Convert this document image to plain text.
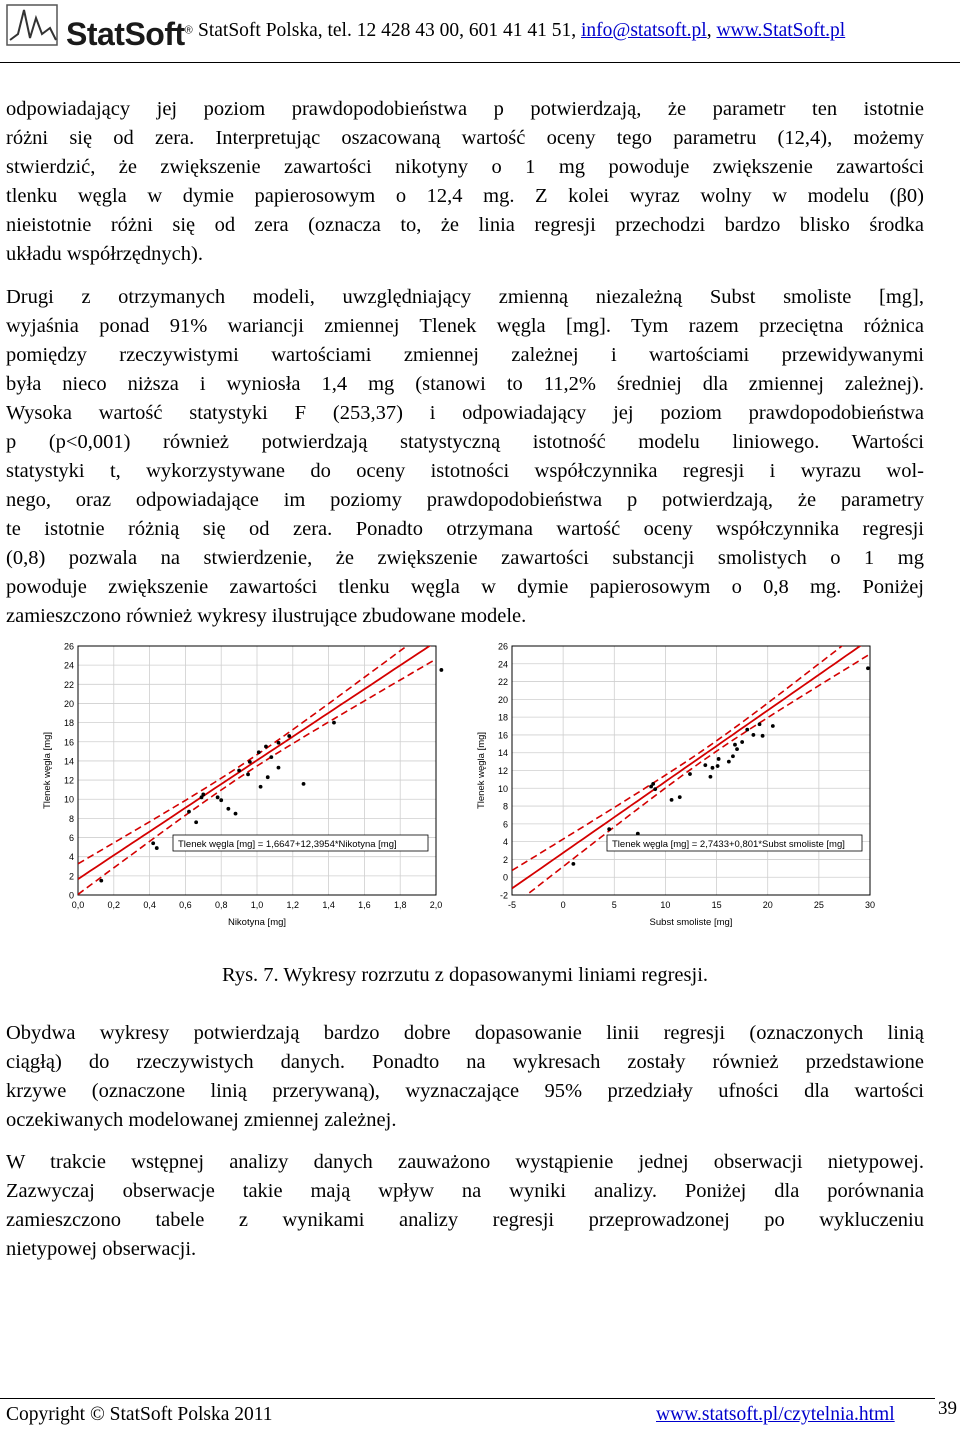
StatSoft® StatSoft Polska, tel. 12 428 43 00, 601 41 41 51, info@statsoft.pl, www.StatSoft.pl
odpowiadający jej poziom prawdopodobieństwa p potwierdzają, że parametr ten istotnie
różni się od zera. Interpretując oszacowaną wartość oceny tego parametru (12,4), możemy
stwierdzić, że zwiększenie zawartości nikotyny o 1 mg powoduje zwiększenie zawartości
tlenku węgla w dymie papierosowym o 12,4 mg. Z kolei wyraz wolny w modelu (β0)
nieistotnie różni się od zera (oznacza to, że linia regresji przechodzi bardzo blisko środka
układu współrzędnych).
Drugi z otrzymanych modeli, uwzględniający zmienną niezależną Subst smoliste [mg],
wyjaśnia ponad 91% wariancji zmiennej Tlenek węgla [mg]. Tym razem przeciętna różnica
pomiędzy rzeczywistymi wartościami zmiennej zależnej i wartościami przewidywanymi
była nieco niższa i wyniosła 1,4 mg (stanowi to 11,2% średniej dla zmiennej zależnej).
Wysoka wartość statystyki F (253,37) i odpowiadający jej poziom prawdopodobieństwa
p (p<0,001) również potwierdzają statystyczną istotność modelu liniowego. Wartości
statystyki t, wykorzystywane do oceny istotności współczynnika regresji i wyrazu wol-
nego, oraz odpowiadające im poziomy prawdopodobieństwa p potwierdzają, że parametry
te istotnie różnią się od zera. Ponadto otrzymana wartość oceny współczynnika regresji
(0,8) pozwala na stwierdzenie, że zwiększenie zawartości substancji smolistych o 1 mg
powoduje zwiększenie zawartości tlenku węgla w dymie papierosowym o 0,8 mg. Poniżej
zamieszczono również wykresy ilustrujące zbudowane modele.
0
2
4
6
8
10
12
14
16
18
20
22
24
26
0,0	0,2	0,4	0,6	0,8	1,0	1,2	1,4	1,6	1,8	2,0
Tlenek węgla [mg] = 1,6647+12,3954*Nikotyna [mg]
Nikotyna [mg]
Tlenek węgla [mg]
-2
0
2
4
6
8
10
12
14
16
18
20
22
24
26
-5	0	5	10	15	20	25	30
Tlenek węgla [mg] = 2,7433+0,801*Subst smoliste [mg]
Subst smoliste [mg]
Tlenek węgla [mg]
Rys. 7. Wykresy rozrzutu z dopasowanymi liniami regresji.
Obydwa wykresy potwierdzają bardzo dobre dopasowanie linii regresji (oznaczonych linią
ciągłą) do rzeczywistych danych. Ponadto na wykresach zostały również przedstawione
krzywe (oznaczone linią przerywaną), wyznaczające 95% przedziały ufności dla wartości
oczekiwanych modelowanej zmiennej zależnej.
W trakcie wstępnej analizy danych zauważono wystąpienie jednej obserwacji nietypowej.
Zazwyczaj obserwacje takie mają wpływ na wyniki analizy. Poniżej dla porównania
zamieszczono tabele z wynikami analizy regresji przeprowadzonej po wykluczeniu
nietypowej obserwacji.
Copyright © StatSoft Polska 2011	www.statsoft.pl/czytelnia.html 39
